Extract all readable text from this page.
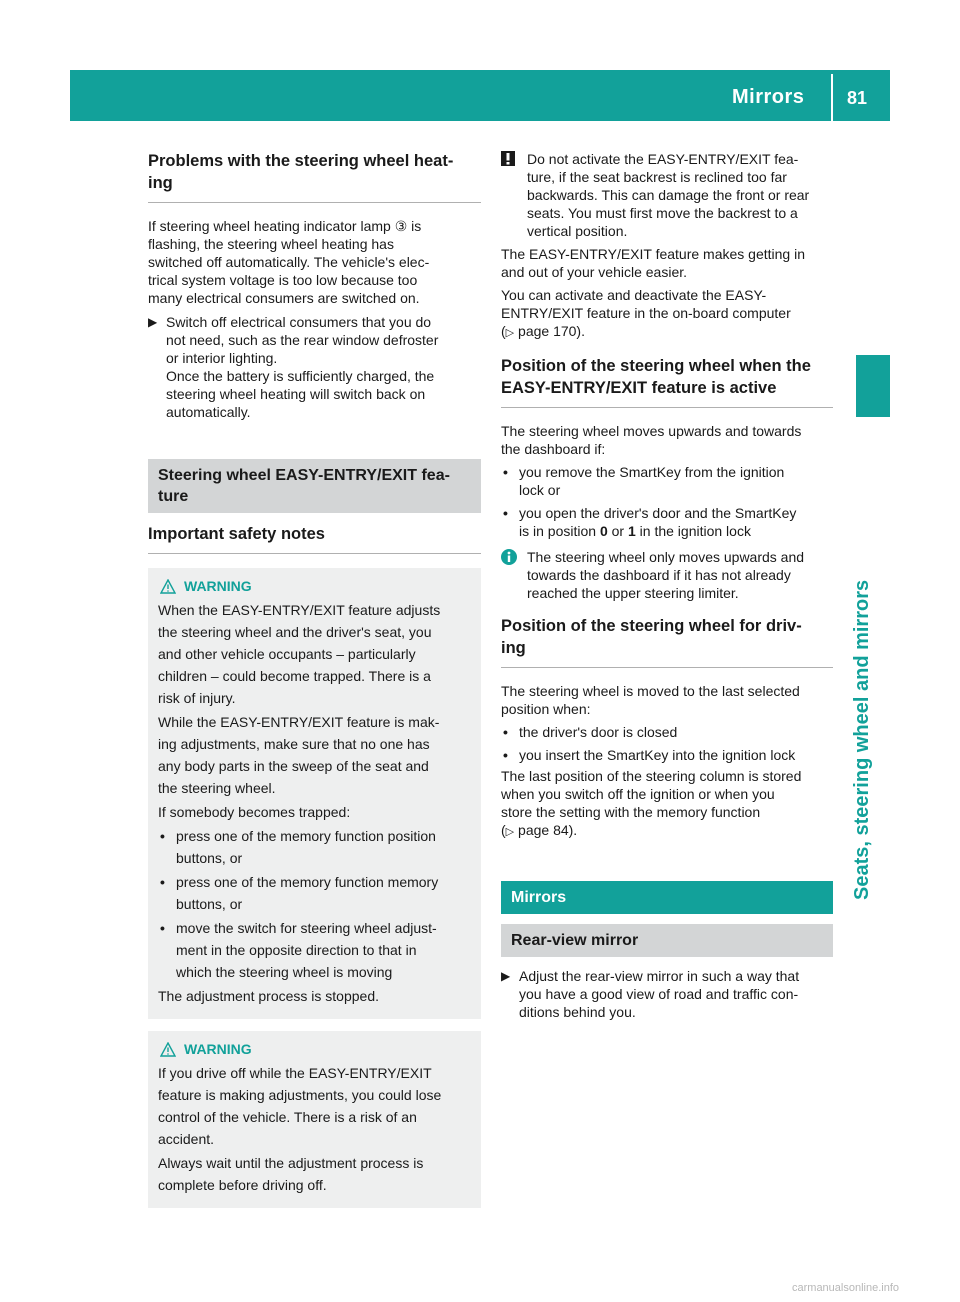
Mirrors 81
Seats, steering wheel and mirrors
Problems with the steering wheel heat-
ing

If steering wheel heating indicator lamp ③ is
flashing, the steering wheel heating has
switched off automatically. The vehicle's elec-
trical system voltage is too low because too
many electrical consumers are switched on.

▶ Switch off electrical consumers that you do
not need, such as the rear window defroster
or interior lighting.
Once the battery is sufficiently charged, the
steering wheel heating will switch back on
automatically.
Steering wheel EASY-ENTRY/EXIT fea-
ture
Important safety notes
WARNING

When the EASY-ENTRY/EXIT feature adjusts
the steering wheel and the driver's seat, you
and other vehicle occupants – particularly
children – could become trapped. There is a
risk of injury.

While the EASY-ENTRY/EXIT feature is mak-
ing adjustments, make sure that no one has
any body parts in the sweep of the seat and
the steering wheel.

If somebody becomes trapped:

• press one of the memory function position
buttons, or
• press one of the memory function memory
buttons, or
• move the switch for steering wheel adjust-
ment in the opposite direction to that in
which the steering wheel is moving

The adjustment process is stopped.

WARNING

If you drive off while the EASY-ENTRY/EXIT
feature is making adjustments, you could lose
control of the vehicle. There is a risk of an
accident.

Always wait until the adjustment process is
complete before driving off.

Do not activate the EASY-ENTRY/EXIT fea-
ture, if the seat backrest is reclined too far
backwards. This can damage the front or rear
seats. You must first move the backrest to a
vertical position.

The EASY-ENTRY/EXIT feature makes getting in
and out of your vehicle easier.

You can activate and deactivate the EASY-
ENTRY/EXIT feature in the on-board computer
(▷ page 170).

Position of the steering wheel when the
EASY-ENTRY/EXIT feature is active

The steering wheel moves upwards and towards
the dashboard if:

• you remove the SmartKey from the ignition
lock or
• you open the driver's door and the SmartKey
is in position 0 or 1 in the ignition lock
The steering wheel only moves upwards and
towards the dashboard if it has not already
reached the upper steering limiter.
Position of the steering wheel for driv-
ing

The steering wheel is moved to the last selected
position when:

• the driver's door is closed
• you insert the SmartKey into the ignition lock

The last position of the steering column is stored
when you switch off the ignition or when you
store the setting with the memory function
(▷ page 84).

Mirrors
Rear-view mirror
▶ Adjust the rear-view mirror in such a way that
you have a good view of road and traffic con-
ditions behind you.
carmanualsonline.info
